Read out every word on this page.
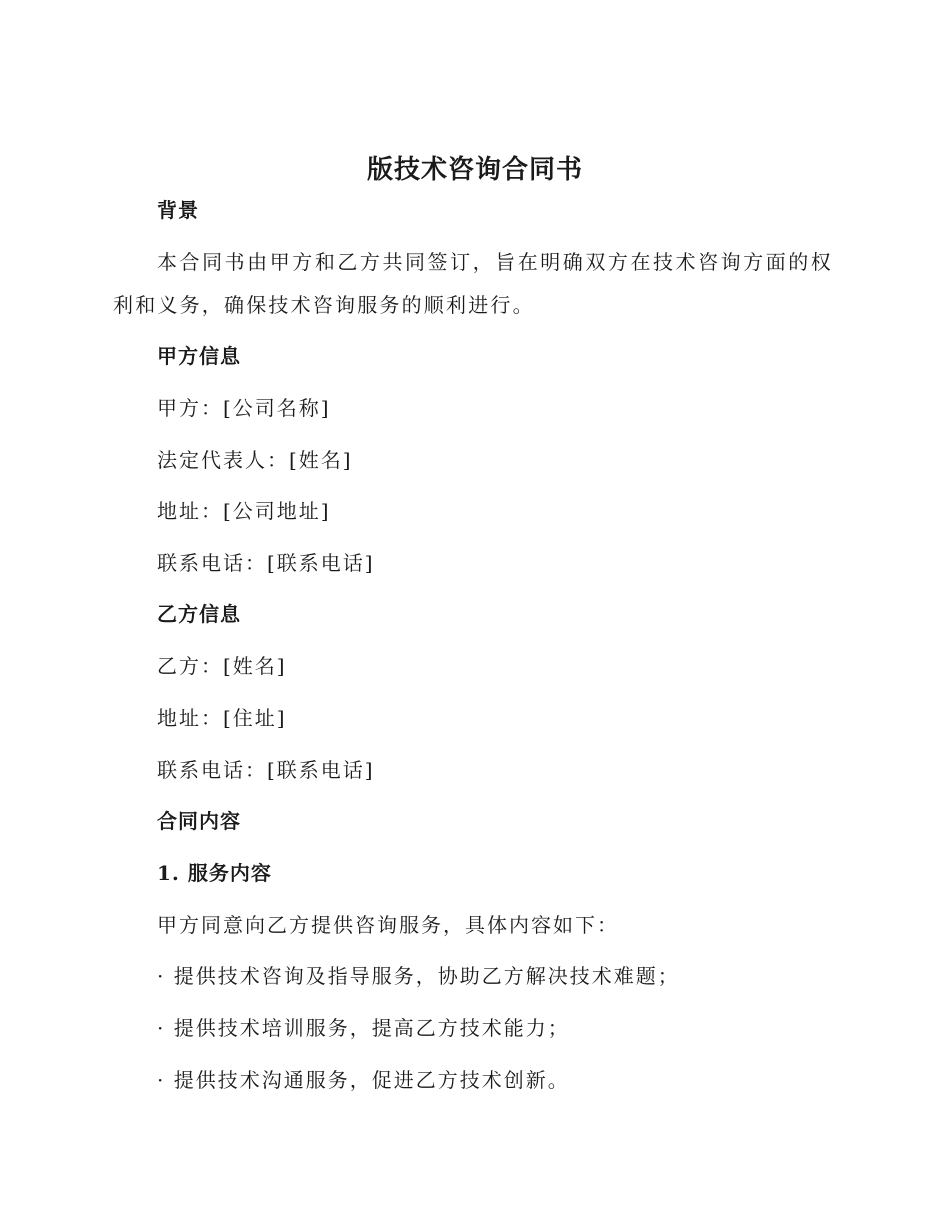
版技术咨询合同书
背景
本合同书由甲方和乙方共同签订，旨在明确双方在技术咨询方面的权利和义务，确保技术咨询服务的顺利进行。
甲方信息
甲方：[公司名称]
法定代表人：[姓名]
地址：[公司地址]
联系电话：[联系电话]
乙方信息
乙方：[姓名]
地址：[住址]
联系电话：[联系电话]
合同内容
1. 服务内容
甲方同意向乙方提供咨询服务，具体内容如下：
· 提供技术咨询及指导服务，协助乙方解决技术难题；
· 提供技术培训服务，提高乙方技术能力；
· 提供技术沟通服务，促进乙方技术创新。
